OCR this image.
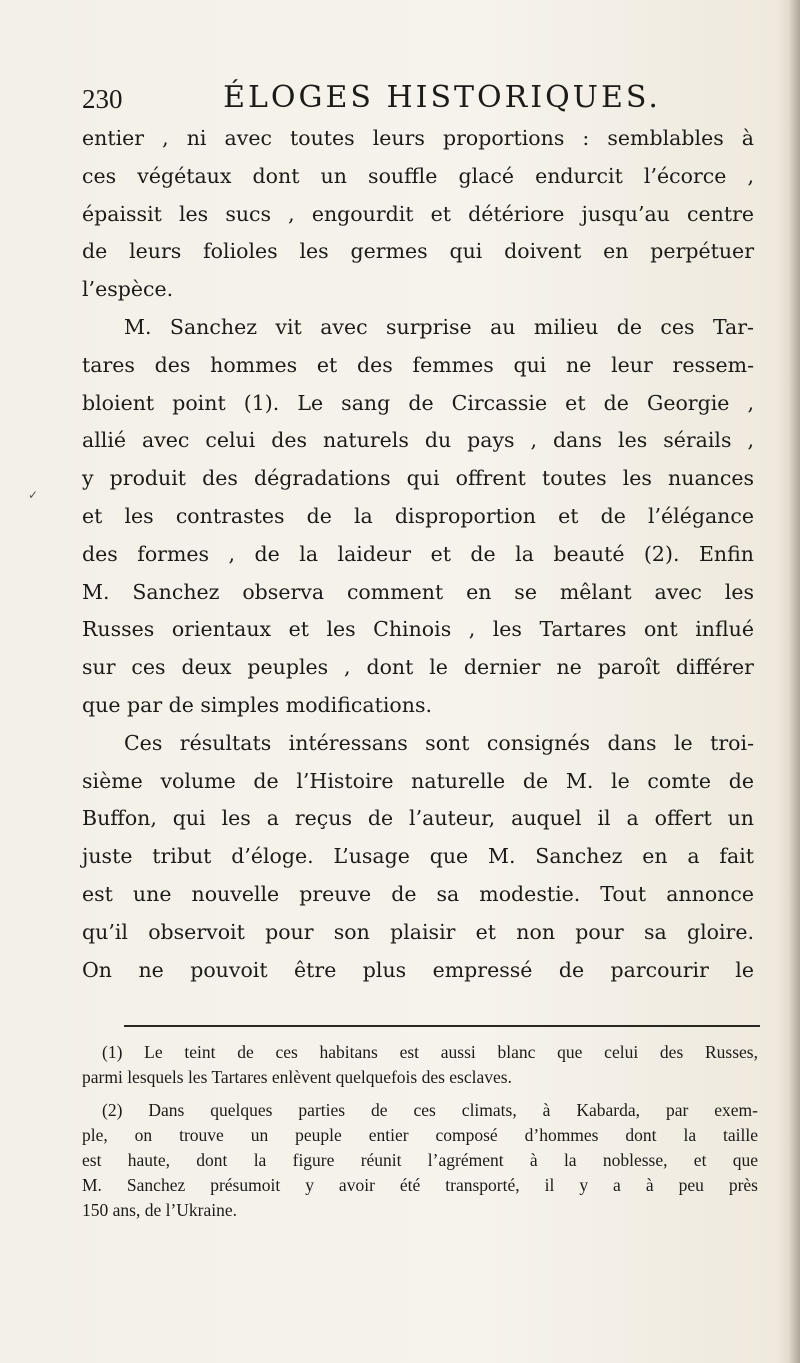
230	ÉLOGES HISTORIQUES.
✓
entier , ni avec toutes leurs proportions : semblables à
ces végétaux dont un souffle glacé endurcit l’écorce ,
épaissit les sucs , engourdit et détériore jusqu’au centre
de leurs folioles les germes qui doivent en perpétuer
l’espèce.
M. Sanchez vit avec surprise au milieu de ces Tar-
tares des hommes et des femmes qui ne leur ressem-
bloient point (1). Le sang de Circassie et de Georgie ,
allié avec celui des naturels du pays , dans les sérails ,
y produit des dégradations qui offrent toutes les nuances
et les contrastes de la disproportion et de l’élégance
des formes , de la laideur et de la beauté (2). Enfin
M. Sanchez observa comment en se mêlant avec les
Russes orientaux et les Chinois , les Tartares ont influé
sur ces deux peuples , dont le dernier ne paroît différer
que par de simples modifications.
Ces résultats intéressans sont consignés dans le troi-
sième volume de l’Histoire naturelle de M. le comte de
Buffon, qui les a reçus de l’auteur, auquel il a offert un
juste tribut d’éloge. L’usage que M. Sanchez en a fait
est une nouvelle preuve de sa modestie. Tout annonce
qu’il observoit pour son plaisir et non pour sa gloire.
On ne pouvoit être plus empressé de parcourir le
(1) Le teint de ces habitans est aussi blanc que celui des Russes,
parmi lesquels les Tartares enlèvent quelquefois des esclaves.
(2) Dans quelques parties de ces climats, à Kabarda, par exem-
ple, on trouve un peuple entier composé d’hommes dont la taille
est haute, dont la figure réunit l’agrément à la noblesse, et que
M. Sanchez présumoit y avoir été transporté, il y a à peu près
150 ans, de l’Ukraine.
